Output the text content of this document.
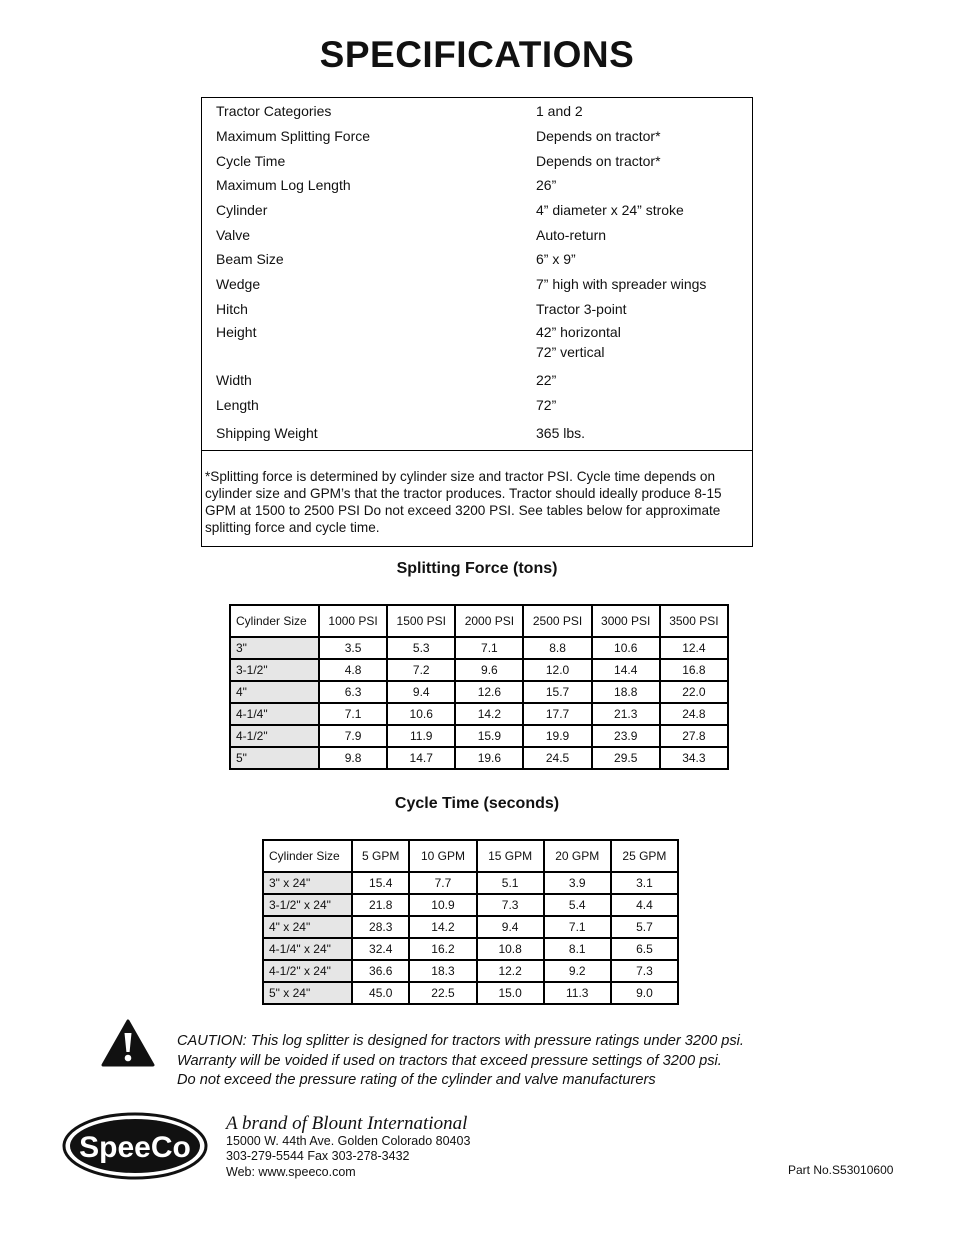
SPECIFICATIONS
Tractor Categories	1 and 2
Maximum Splitting Force	Depends on tractor*
Cycle Time	Depends on tractor*
Maximum Log Length	26”
Cylinder	4” diameter x 24” stroke
Valve	Auto-return
Beam Size	6” x 9”
Wedge	7” high with spreader wings
Hitch	Tractor 3-point
Height	42” horizontal
72” vertical
Width	22”
Length	72”
Shipping Weight	365 lbs.
*Splitting force is determined by cylinder size and tractor PSI. Cycle time depends on cylinder size and GPM’s that the tractor produces. Tractor should ideally produce 8-15 GPM at 1500 to 2500 PSI Do not exceed 3200 PSI. See tables below for approximate splitting force and cycle time.
Splitting Force (tons)
Cylinder Size	1000 PSI	1500 PSI	2000 PSI	2500 PSI	3000 PSI	3500 PSI
3"	3.5	5.3	7.1	8.8	10.6	12.4
3-1/2"	4.8	7.2	9.6	12.0	14.4	16.8
4"	6.3	9.4	12.6	15.7	18.8	22.0
4-1/4"	7.1	10.6	14.2	17.7	21.3	24.8
4-1/2"	7.9	11.9	15.9	19.9	23.9	27.8
5"	9.8	14.7	19.6	24.5	29.5	34.3
Cycle Time (seconds)
Cylinder Size	5 GPM	10 GPM	15 GPM	20 GPM	25 GPM
3" x 24"	15.4	7.7	5.1	3.9	3.1
3-1/2" x 24"	21.8	10.9	7.3	5.4	4.4
4" x 24"	28.3	14.2	9.4	7.1	5.7
4-1/4" x 24"	32.4	16.2	10.8	8.1	6.5
4-1/2" x 24"	36.6	18.3	12.2	9.2	7.3
5" x 24"	45.0	22.5	15.0	11.3	9.0
CAUTION: This log splitter is designed for tractors with pressure ratings under 3200 psi.
Warranty will be voided if used on tractors that exceed pressure settings of 3200 psi.
Do not exceed the pressure rating of the cylinder and valve manufacturers
SpeeCo
A brand of Blount International
15000 W. 44th Ave. Golden Colorado 80403
303-279-5544 Fax 303-278-3432
Web: www.speeco.com	Part No.S53010600
